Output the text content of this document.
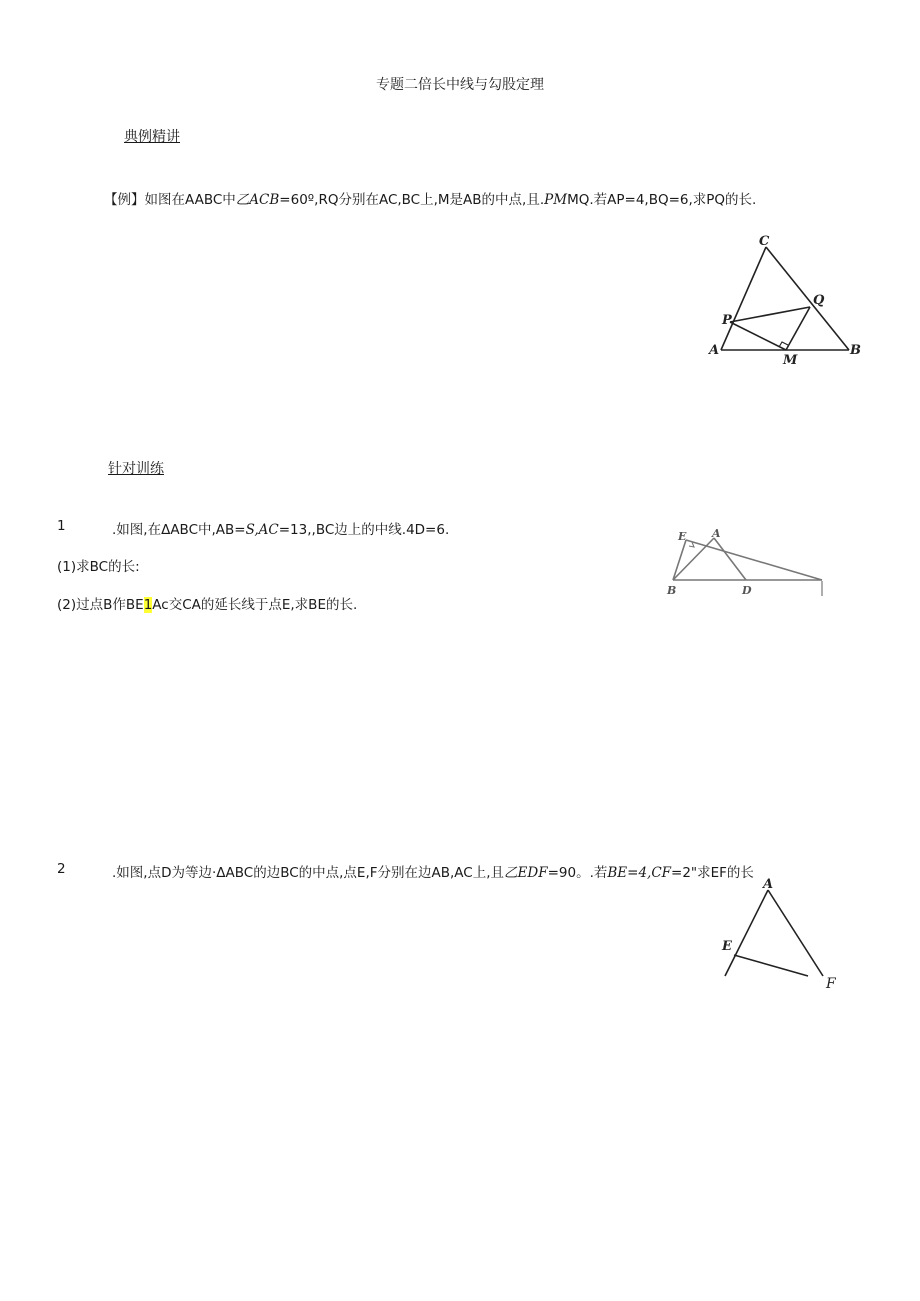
专题二倍长中线与勾股定理
典例精讲
【例】如图在AABC中乙ACB=60º,RQ分别在AC,BC上,M是AB的中点,且.PMMQ.若AP=4,BQ=6,求PQ的长.
C
Q
P
A
M
B
针对训练
1	.如图,在ΔABC中,AB=S,AC=13,,BC边上的中线.4D=6.
(1)求BC的长:
(2)过点B作BE1Ac交CA的延长线于点E,求BE的长.
E A
B	D
2	.如图,点D为等边·ΔABC的边BC的中点,点E,F分别在边AB,AC上,且乙EDF=90。.若BE=4,CF=2"求EF的长
A
E
F
